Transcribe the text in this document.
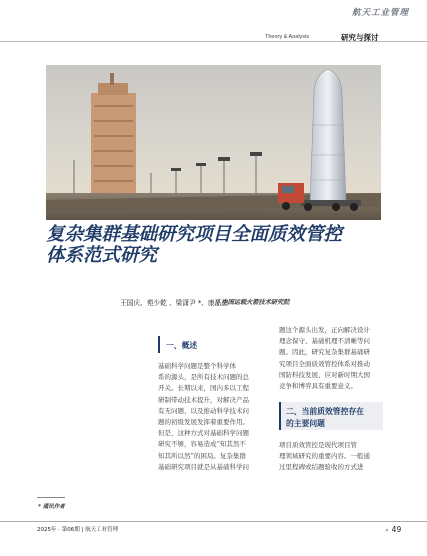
航天工业管理
Theory & Analysis	研究与探讨
复杂集群基础研究项目全面质效管控
体系范式研究
王国庆、苑少乾 、梁潇尹 *、康磊晶
/ 中国运载火箭技术研究院
一、概述
基础科学问题是整个科学体
系的源头，是所有技术问题的总
开关。长期以来，国内多以工程
研制带动技术提升，对解决产品
有无问题、以及推动科学技术问
题的初级发展发挥着重要作用。
但是，这种方式对基础科学问题
研究不够，容易造成“知其然不
知其所以然”的困局。复杂集群
基础研究项目就是从基础科学问
题这个源头出发，正向解决设计
理念保守、基础机理不清晰等问
题。因此，研究复杂集群基础研
究项目全面质效管控体系对推动
国防科技发展、应对新时期大国
竞争和博弈具有重要意义。
二、当前质效管控存在
的主要问题
项目质效管控是现代项目管
理领域研究的重要内容。一般通
过里程碑或结题验收的方式进
* 通讯作者
2025年 · 第06期 | 航天工业管理	« 49
